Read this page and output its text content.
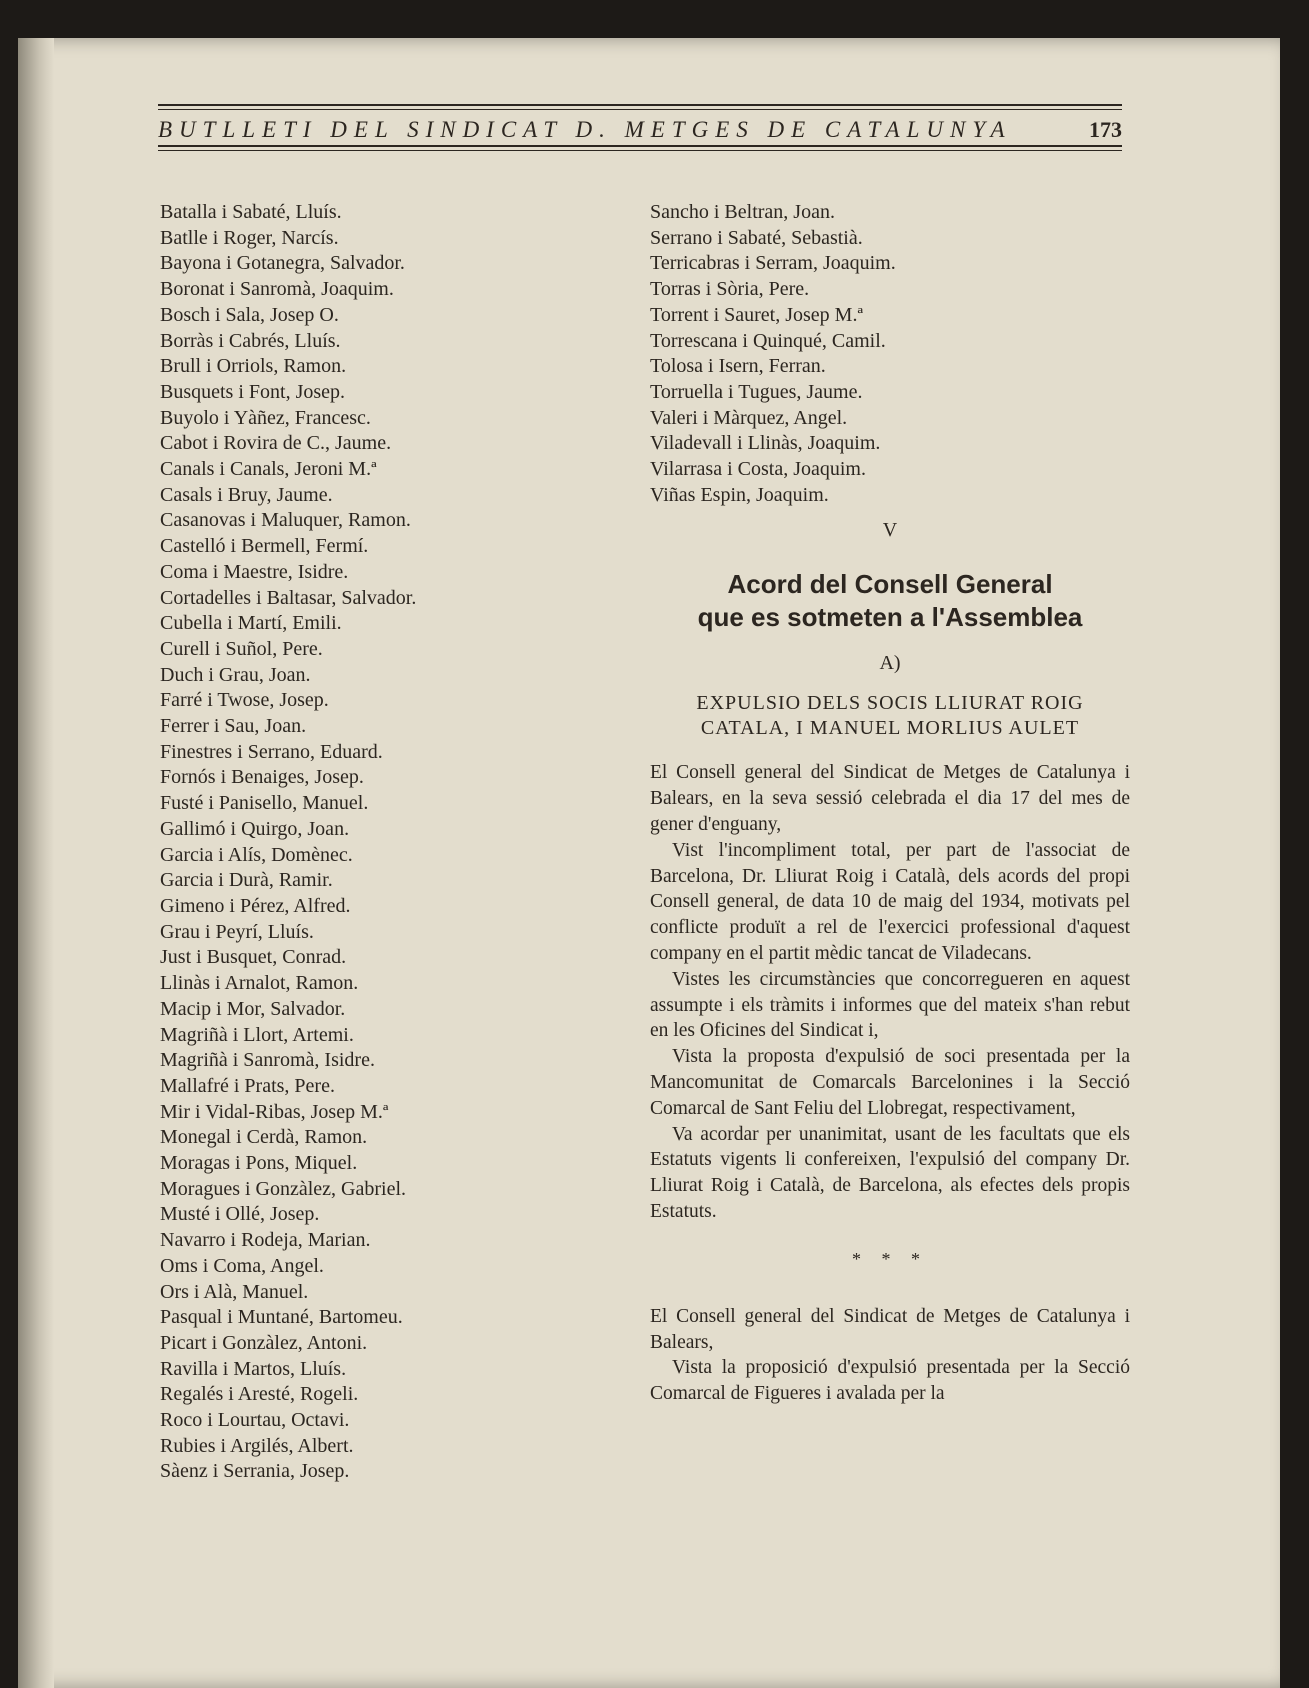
BUTLLETI DEL SINDICAT D. METGES DE CATALUNYA	173
Batalla i Sabaté, Lluís.
Batlle i Roger, Narcís.
Bayona i Gotanegra, Salvador.
Boronat i Sanromà, Joaquim.
Bosch i Sala, Josep O.
Borràs i Cabrés, Lluís.
Brull i Orriols, Ramon.
Busquets i Font, Josep.
Buyolo i Yàñez, Francesc.
Cabot i Rovira de C., Jaume.
Canals i Canals, Jeroni M.ª
Casals i Bruy, Jaume.
Casanovas i Maluquer, Ramon.
Castelló i Bermell, Fermí.
Coma i Maestre, Isidre.
Cortadelles i Baltasar, Salvador.
Cubella i Martí, Emili.
Curell i Suñol, Pere.
Duch i Grau, Joan.
Farré i Twose, Josep.
Ferrer i Sau, Joan.
Finestres i Serrano, Eduard.
Fornós i Benaiges, Josep.
Fusté i Panisello, Manuel.
Gallimó i Quirgo, Joan.
Garcia i Alís, Domènec.
Garcia i Durà, Ramir.
Gimeno i Pérez, Alfred.
Grau i Peyrí, Lluís.
Just i Busquet, Conrad.
Llinàs i Arnalot, Ramon.
Macip i Mor, Salvador.
Magriñà i Llort, Artemi.
Magriñà i Sanromà, Isidre.
Mallafré i Prats, Pere.
Mir i Vidal-Ribas, Josep M.ª
Monegal i Cerdà, Ramon.
Moragas i Pons, Miquel.
Moragues i Gonzàlez, Gabriel.
Musté i Ollé, Josep.
Navarro i Rodeja, Marian.
Oms i Coma, Angel.
Ors i Alà, Manuel.
Pasqual i Muntané, Bartomeu.
Picart i Gonzàlez, Antoni.
Ravilla i Martos, Lluís.
Regalés i Aresté, Rogeli.
Roco i Lourtau, Octavi.
Rubies i Argilés, Albert.
Sàenz i Serrania, Josep.
Sancho i Beltran, Joan.
Serrano i Sabaté, Sebastià.
Terricabras i Serram, Joaquim.
Torras i Sòria, Pere.
Torrent i Sauret, Josep M.ª
Torrescana i Quinqué, Camil.
Tolosa i Isern, Ferran.
Torruella i Tugues, Jaume.
Valeri i Màrquez, Angel.
Viladevall i Llinàs, Joaquim.
Vilarrasa i Costa, Joaquim.
Viñas Espin, Joaquim.
V
Acord del Consell General
que es sotmeten a l'Assemblea
A)
EXPULSIO DELS SOCIS LLIURAT ROIG
CATALA, I MANUEL MORLIUS AULET

El Consell general del Sindicat de Metges de Catalunya i Balears, en la seva sessió celebrada el dia 17 del mes de gener d'enguany,

Vist l'incompliment total, per part de l'associat de Barcelona, Dr. Lliurat Roig i Català, dels acords del propi Consell general, de data 10 de maig del 1934, motivats pel conflicte produït a rel de l'exercici professional d'aquest company en el partit mèdic tancat de Viladecans.

Vistes les circumstàncies que concorregueren en aquest assumpte i els tràmits i informes que del mateix s'han rebut en les Oficines del Sindicat i,

Vista la proposta d'expulsió de soci presentada per la Mancomunitat de Comarcals Barcelonines i la Secció Comarcal de Sant Feliu del Llobregat, respectivament,

Va acordar per unanimitat, usant de les facultats que els Estatuts vigents li confereixen, l'expulsió del company Dr. Lliurat Roig i Català, de Barcelona, als efectes dels propis Estatuts.

* * *

El Consell general del Sindicat de Metges de Catalunya i Balears,

Vista la proposició d'expulsió presentada per la Secció Comarcal de Figueres i avalada per la
